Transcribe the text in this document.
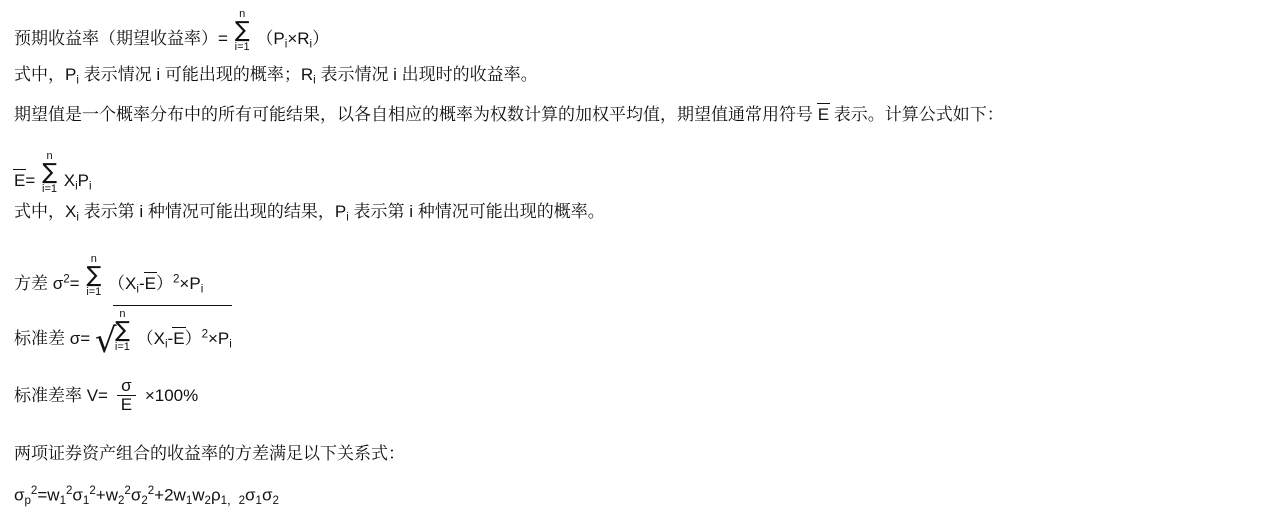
预期收益率（期望收益率）=
n
∑
i=1 $(P_i\times R_i)$
式中，$P_i$ 表示情况 i 可能出现的概率；$R_i$ 表示情况 i 出现时的收益率。
期望值是一个概率分布中的所有可能结果，以各自相应的概率为权数计算的加权平均值，期望值通常用符号 E 表示。计算公式如下：
E=
n
∑
i=1 $X_iP_i$
式中，$X_i$ 表示第 i 种情况可能出现的结果，$P_i$ 表示第 i 种情况可能出现的概率。
方差 $\sigma^2=$
n
∑
i=1 $(X_i-E)^2\times P_i$
标准差 σ= √
n
∑
i=1 $(X_i-E)^2\times P_i$
标准差率 $V= \frac{\sigma}{E} \times 100\%$
两项证券资产组合的收益率的方差满足以下关系式：
$\sigma_p^2=w_1^2\sigma_1^2+w_2^2\sigma_2^2+2w_1w_2\rho_{1,2}\sigma_1\sigma_2$
